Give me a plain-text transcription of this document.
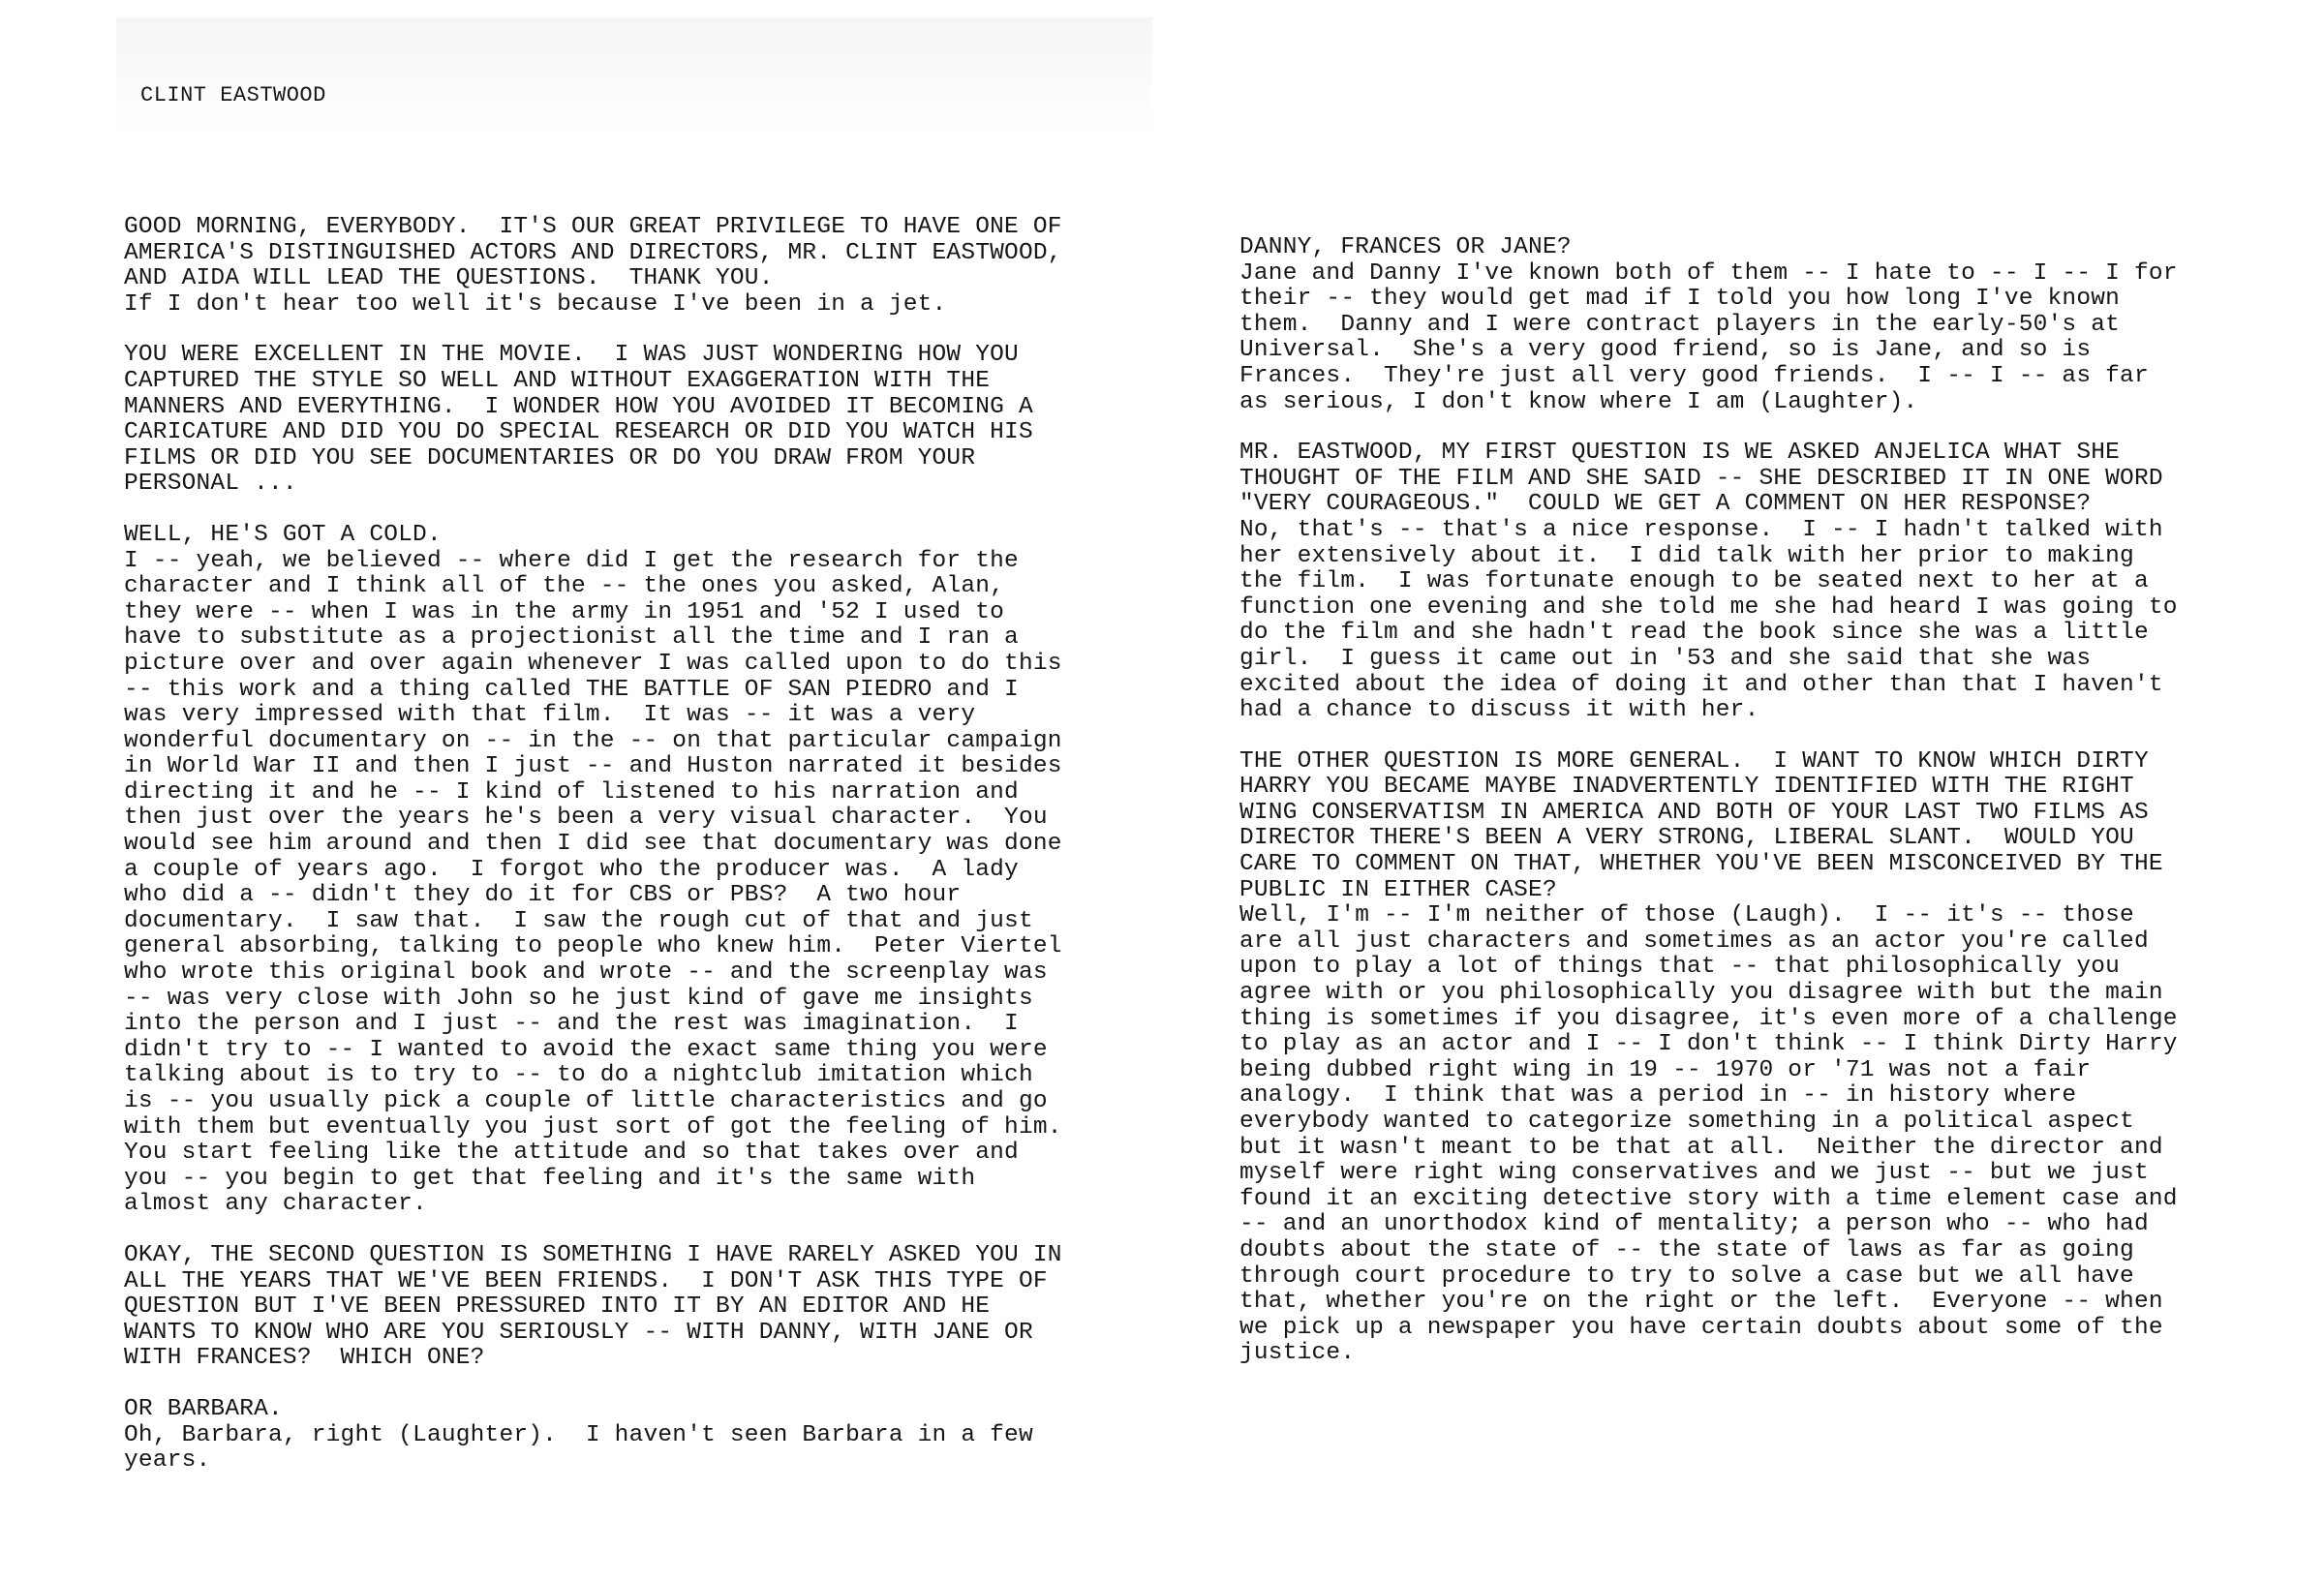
CLINT EASTWOOD
GOOD MORNING, EVERYBODY.  IT'S OUR GREAT PRIVILEGE TO HAVE ONE OF
AMERICA'S DISTINGUISHED ACTORS AND DIRECTORS, MR. CLINT EASTWOOD,
AND AIDA WILL LEAD THE QUESTIONS.  THANK YOU.
If I don't hear too well it's because I've been in a jet.
YOU WERE EXCELLENT IN THE MOVIE.  I WAS JUST WONDERING HOW YOU
CAPTURED THE STYLE SO WELL AND WITHOUT EXAGGERATION WITH THE
MANNERS AND EVERYTHING.  I WONDER HOW YOU AVOIDED IT BECOMING A
CARICATURE AND DID YOU DO SPECIAL RESEARCH OR DID YOU WATCH HIS
FILMS OR DID YOU SEE DOCUMENTARIES OR DO YOU DRAW FROM YOUR
PERSONAL ...
WELL, HE'S GOT A COLD.
I -- yeah, we believed -- where did I get the research for the
character and I think all of the -- the ones you asked, Alan,
they were -- when I was in the army in 1951 and '52 I used to
have to substitute as a projectionist all the time and I ran a
picture over and over again whenever I was called upon to do this
-- this work and a thing called THE BATTLE OF SAN PIEDRO and I
was very impressed with that film.  It was -- it was a very
wonderful documentary on -- in the -- on that particular campaign
in World War II and then I just -- and Huston narrated it besides
directing it and he -- I kind of listened to his narration and
then just over the years he's been a very visual character.  You
would see him around and then I did see that documentary was done
a couple of years ago.  I forgot who the producer was.  A lady
who did a -- didn't they do it for CBS or PBS?  A two hour
documentary.  I saw that.  I saw the rough cut of that and just
general absorbing, talking to people who knew him.  Peter Viertel
who wrote this original book and wrote -- and the screenplay was
-- was very close with John so he just kind of gave me insights
into the person and I just -- and the rest was imagination.  I
didn't try to -- I wanted to avoid the exact same thing you were
talking about is to try to -- to do a nightclub imitation which
is -- you usually pick a couple of little characteristics and go
with them but eventually you just sort of got the feeling of him.
You start feeling like the attitude and so that takes over and
you -- you begin to get that feeling and it's the same with
almost any character.
OKAY, THE SECOND QUESTION IS SOMETHING I HAVE RARELY ASKED YOU IN
ALL THE YEARS THAT WE'VE BEEN FRIENDS.  I DON'T ASK THIS TYPE OF
QUESTION BUT I'VE BEEN PRESSURED INTO IT BY AN EDITOR AND HE
WANTS TO KNOW WHO ARE YOU SERIOUSLY -- WITH DANNY, WITH JANE OR
WITH FRANCES?  WHICH ONE?
OR BARBARA.
Oh, Barbara, right (Laughter).  I haven't seen Barbara in a few
years.
DANNY, FRANCES OR JANE?
Jane and Danny I've known both of them -- I hate to -- I -- I for
their -- they would get mad if I told you how long I've known
them.  Danny and I were contract players in the early-50's at
Universal.  She's a very good friend, so is Jane, and so is
Frances.  They're just all very good friends.  I -- I -- as far
as serious, I don't know where I am (Laughter).
MR. EASTWOOD, MY FIRST QUESTION IS WE ASKED ANJELICA WHAT SHE
THOUGHT OF THE FILM AND SHE SAID -- SHE DESCRIBED IT IN ONE WORD
"VERY COURAGEOUS."  COULD WE GET A COMMENT ON HER RESPONSE?
No, that's -- that's a nice response.  I -- I hadn't talked with
her extensively about it.  I did talk with her prior to making
the film.  I was fortunate enough to be seated next to her at a
function one evening and she told me she had heard I was going to
do the film and she hadn't read the book since she was a little
girl.  I guess it came out in '53 and she said that she was
excited about the idea of doing it and other than that I haven't
had a chance to discuss it with her.
THE OTHER QUESTION IS MORE GENERAL.  I WANT TO KNOW WHICH DIRTY
HARRY YOU BECAME MAYBE INADVERTENTLY IDENTIFIED WITH THE RIGHT
WING CONSERVATISM IN AMERICA AND BOTH OF YOUR LAST TWO FILMS AS
DIRECTOR THERE'S BEEN A VERY STRONG, LIBERAL SLANT.  WOULD YOU
CARE TO COMMENT ON THAT, WHETHER YOU'VE BEEN MISCONCEIVED BY THE
PUBLIC IN EITHER CASE?
Well, I'm -- I'm neither of those (Laugh).  I -- it's -- those
are all just characters and sometimes as an actor you're called
upon to play a lot of things that -- that philosophically you
agree with or you philosophically you disagree with but the main
thing is sometimes if you disagree, it's even more of a challenge
to play as an actor and I -- I don't think -- I think Dirty Harry
being dubbed right wing in 19 -- 1970 or '71 was not a fair
analogy.  I think that was a period in -- in history where
everybody wanted to categorize something in a political aspect
but it wasn't meant to be that at all.  Neither the director and
myself were right wing conservatives and we just -- but we just
found it an exciting detective story with a time element case and
-- and an unorthodox kind of mentality; a person who -- who had
doubts about the state of -- the state of laws as far as going
through court procedure to try to solve a case but we all have
that, whether you're on the right or the left.  Everyone -- when
we pick up a newspaper you have certain doubts about some of the
justice.
